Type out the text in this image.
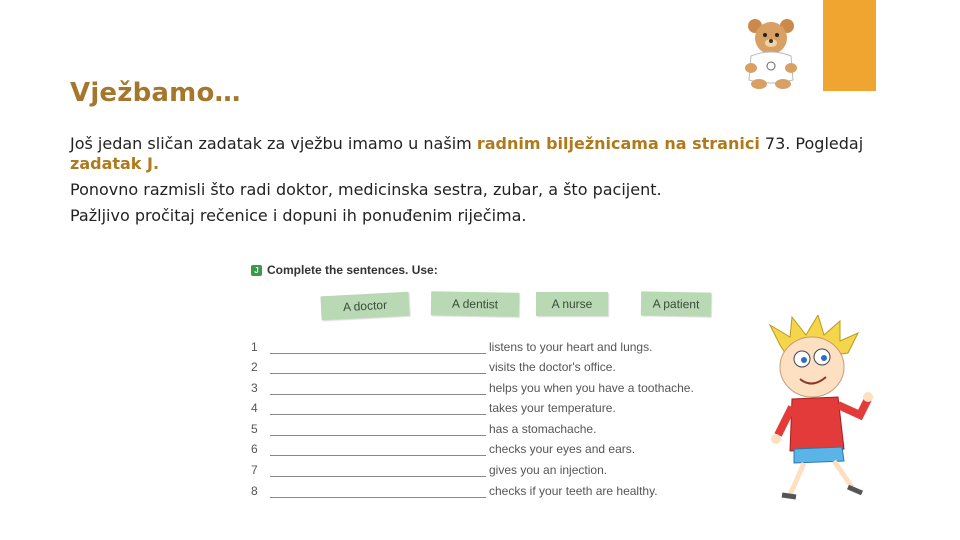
Vježbamo…

Još jedan sličan zadatak za vježbu imamo u našim radnim bilježnicama na stranici 73. Pogledaj zadatak J.

Ponovno razmisli što radi doktor, medicinska sestra, zubar, a što pacijent.

Pažljivo pročitaj rečenice i dopuni ih ponuđenim riječima.

J Complete the sentences. Use:
A doctor	A dentist	A nurse	A patient
1	listens to your heart and lungs.
2	visits the doctor's office.
3	helps you when you have a toothache.
4	takes your temperature.
5	has a stomachache.
6	checks your eyes and ears.
7	gives you an injection.
8	checks if your teeth are healthy.
